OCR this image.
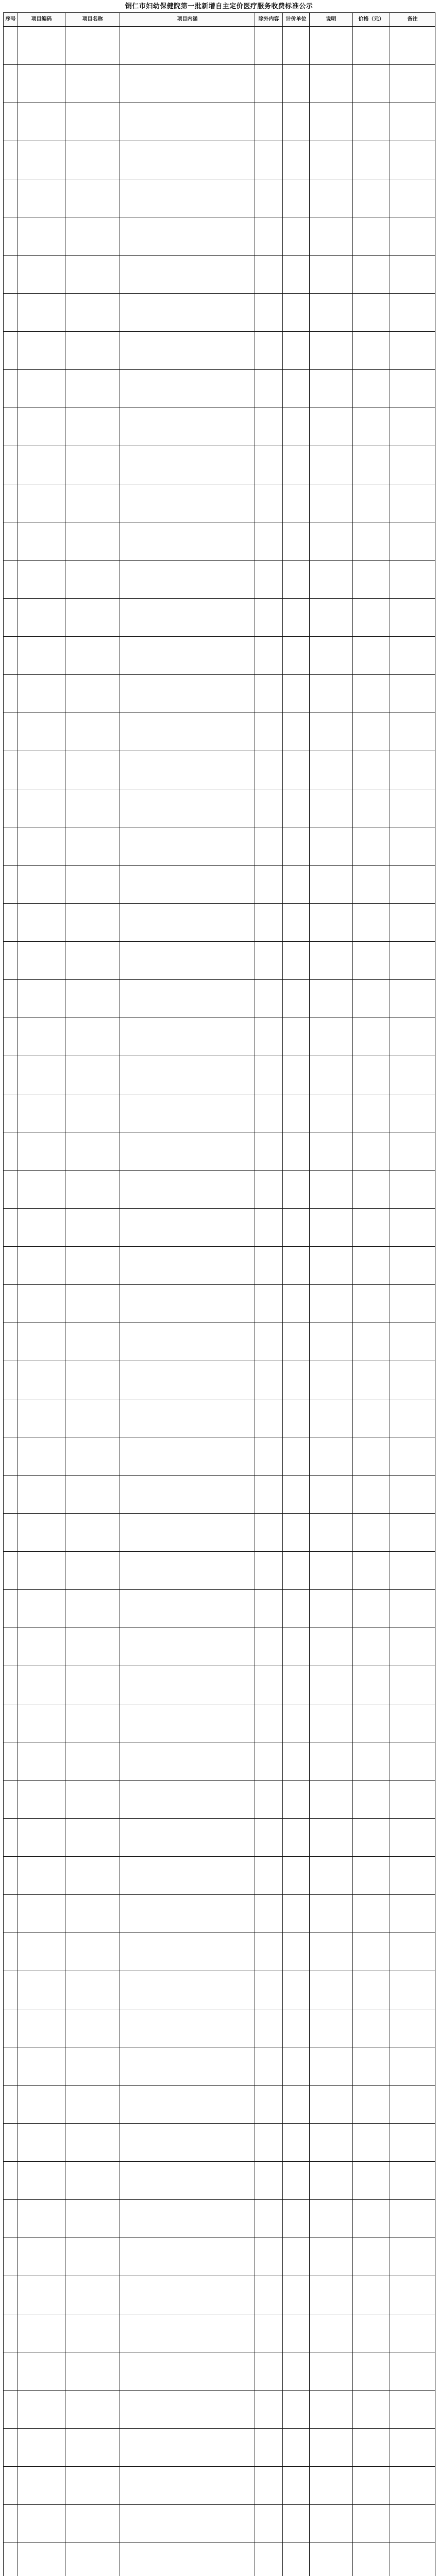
铜仁市妇幼保健院第一批新增自主定价医疗服务收费标准公示
序号	项目编码	项目名称	项目内涵	除外内容	计价单位	说明	价格（元）	备注
